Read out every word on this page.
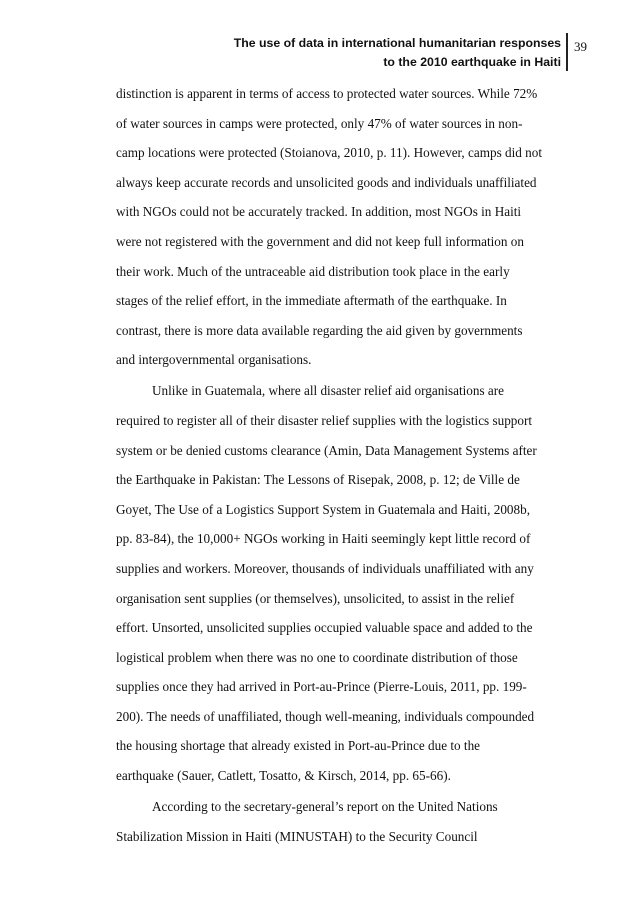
The use of data in international humanitarian responses
to the 2010 earthquake in Haiti
39
distinction is apparent in terms of access to protected water sources. While 72%
of water sources in camps were protected, only 47% of water sources in non-
camp locations were protected (Stoianova, 2010, p. 11). However, camps did not
always keep accurate records and unsolicited goods and individuals unaffiliated
with NGOs could not be accurately tracked. In addition, most NGOs in Haiti
were not registered with the government and did not keep full information on
their work. Much of the untraceable aid distribution took place in the early
stages of the relief effort, in the immediate aftermath of the earthquake. In
contrast, there is more data available regarding the aid given by governments
and intergovernmental organisations.
Unlike in Guatemala, where all disaster relief aid organisations are
required to register all of their disaster relief supplies with the logistics support
system or be denied customs clearance (Amin, Data Management Systems after
the Earthquake in Pakistan: The Lessons of Risepak, 2008, p. 12; de Ville de
Goyet, The Use of a Logistics Support System in Guatemala and Haiti, 2008b,
pp. 83-84), the 10,000+ NGOs working in Haiti seemingly kept little record of
supplies and workers. Moreover, thousands of individuals unaffiliated with any
organisation sent supplies (or themselves), unsolicited, to assist in the relief
effort. Unsorted, unsolicited supplies occupied valuable space and added to the
logistical problem when there was no one to coordinate distribution of those
supplies once they had arrived in Port-au-Prince (Pierre-Louis, 2011, pp. 199-
200). The needs of unaffiliated, though well-meaning, individuals compounded
the housing shortage that already existed in Port-au-Prince due to the
earthquake (Sauer, Catlett, Tosatto, & Kirsch, 2014, pp. 65-66).
According to the secretary-general’s report on the United Nations
Stabilization Mission in Haiti (MINUSTAH) to the Security Council
